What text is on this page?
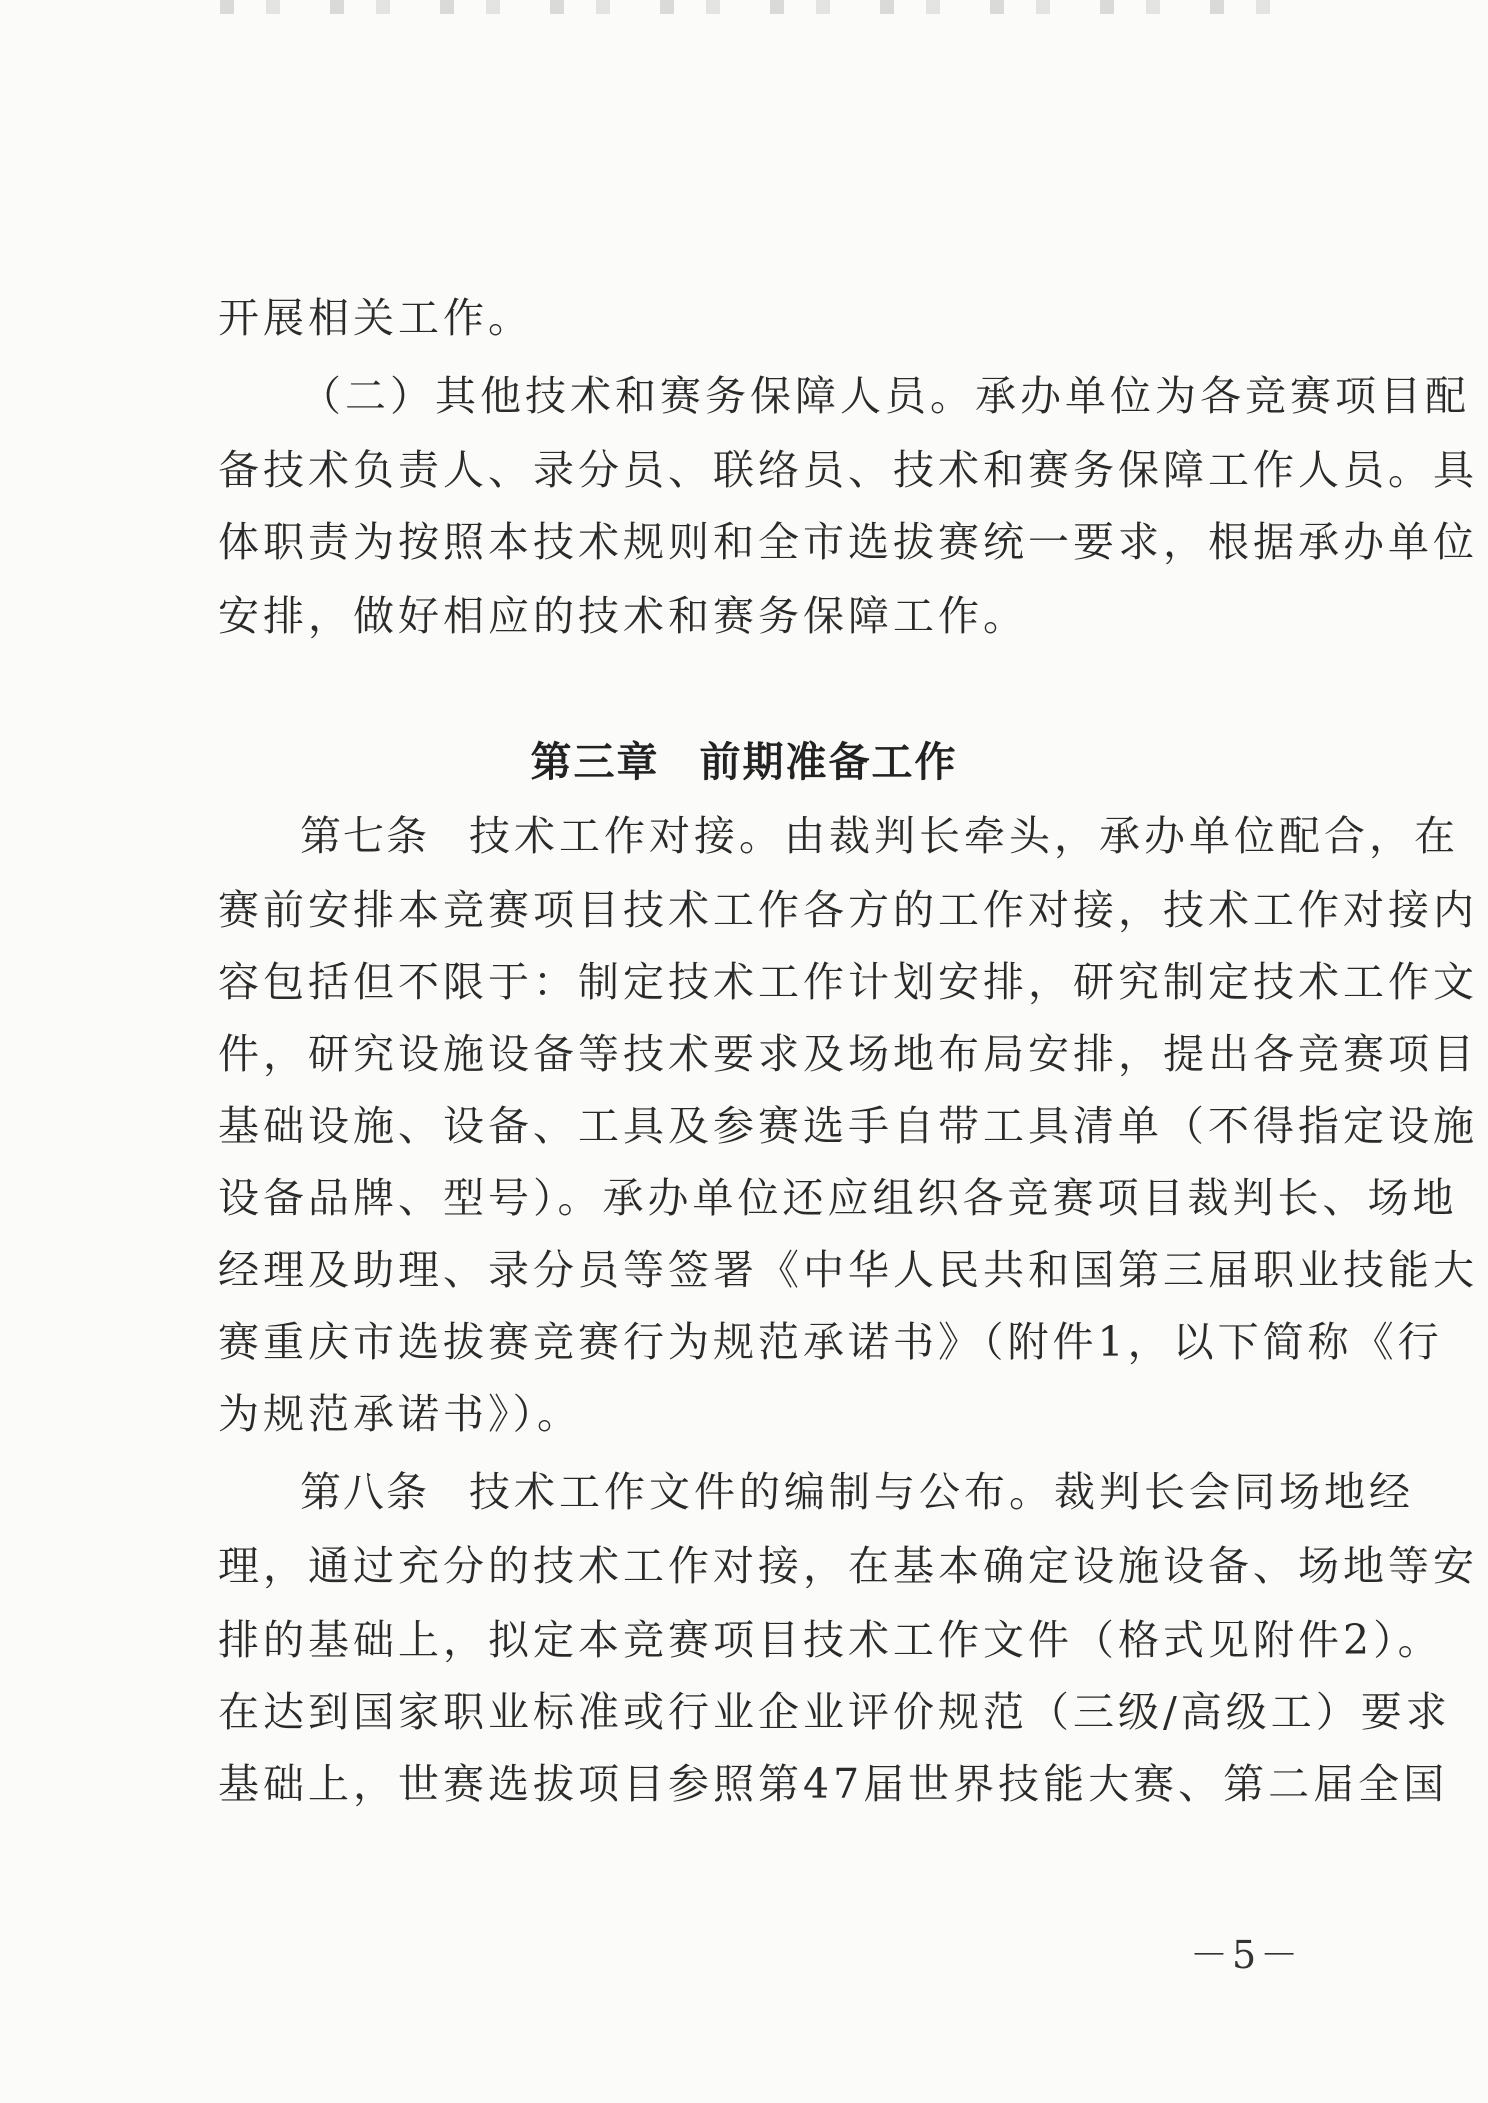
开展相关工作。
（二）其他技术和赛务保障人员。承办单位为各竞赛项目配
备技术负责人、录分员、联络员、技术和赛务保障工作人员。具
体职责为按照本技术规则和全市选拔赛统一要求，根据承办单位
安排，做好相应的技术和赛务保障工作。
第三章 前期准备工作
第七条 技术工作对接。由裁判长牵头，承办单位配合，在
赛前安排本竞赛项目技术工作各方的工作对接，技术工作对接内
容包括但不限于：制定技术工作计划安排，研究制定技术工作文
件，研究设施设备等技术要求及场地布局安排，提出各竞赛项目
基础设施、设备、工具及参赛选手自带工具清单（不得指定设施
设备品牌、型号）。承办单位还应组织各竞赛项目裁判长、场地
经理及助理、录分员等签署《中华人民共和国第三届职业技能大
赛重庆市选拔赛竞赛行为规范承诺书》（附件1，以下简称《行
为规范承诺书》）。
第八条 技术工作文件的编制与公布。裁判长会同场地经
理，通过充分的技术工作对接，在基本确定设施设备、场地等安
排的基础上，拟定本竞赛项目技术工作文件（格式见附件2）。
在达到国家职业标准或行业企业评价规范（三级/高级工）要求
基础上，世赛选拔项目参照第47届世界技能大赛、第二届全国
－5－
